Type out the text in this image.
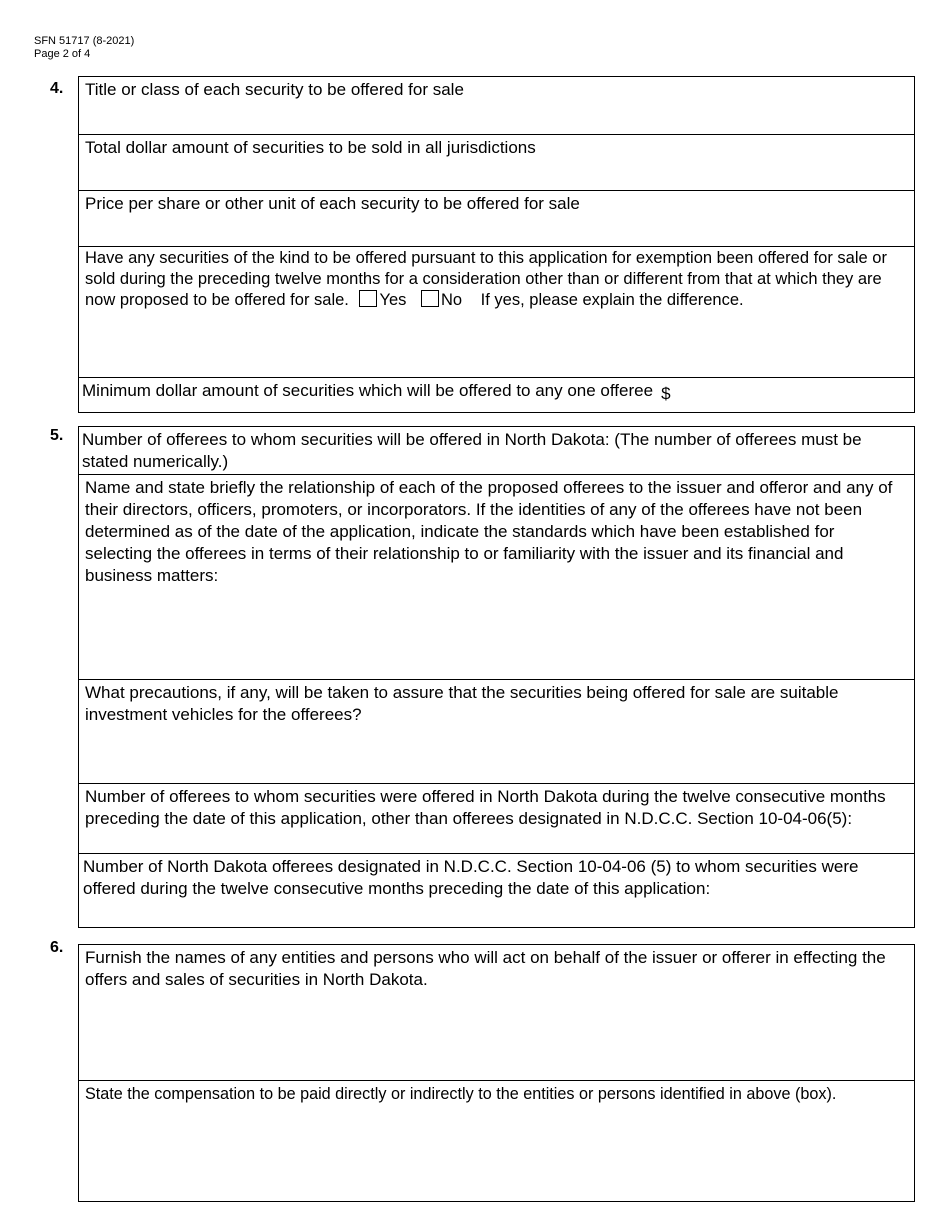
SFN 51717 (8-2021)
Page 2 of 4
4.	Title or class of each security to be offered for sale
Total dollar amount of securities to be sold in all jurisdictions
Price per share or other unit of each security to be offered for sale
Have any securities of the kind to be offered pursuant to this application for exemption been offered for sale or sold during the preceding twelve months for a consideration other than or different from that at which they are now proposed to be offered for sale. Yes No If yes, please explain the difference.
Minimum dollar amount of securities which will be offered to any one offeree $
5. Number of offerees to whom securities will be offered in North Dakota: (The number of offerees must be stated numerically.)
Name and state briefly the relationship of each of the proposed offerees to the issuer and offeror and any of their directors, officers, promoters, or incorporators. If the identities of any of the offerees have not been determined as of the date of the application, indicate the standards which have been established for selecting the offerees in terms of their relationship to or familiarity with the issuer and its financial and business matters:
What precautions, if any, will be taken to assure that the securities being offered for sale are suitable investment vehicles for the offerees?
Number of offerees to whom securities were offered in North Dakota during the twelve consecutive months preceding the date of this application, other than offerees designated in N.D.C.C. Section 10-04-06(5):
Number of North Dakota offerees designated in N.D.C.C. Section 10-04-06 (5) to whom securities were offered during the twelve consecutive months preceding the date of this application:
6.
Furnish the names of any entities and persons who will act on behalf of the issuer or offerer in effecting the offers and sales of securities in North Dakota.
State the compensation to be paid directly or indirectly to the entities or persons identified in above (box).
